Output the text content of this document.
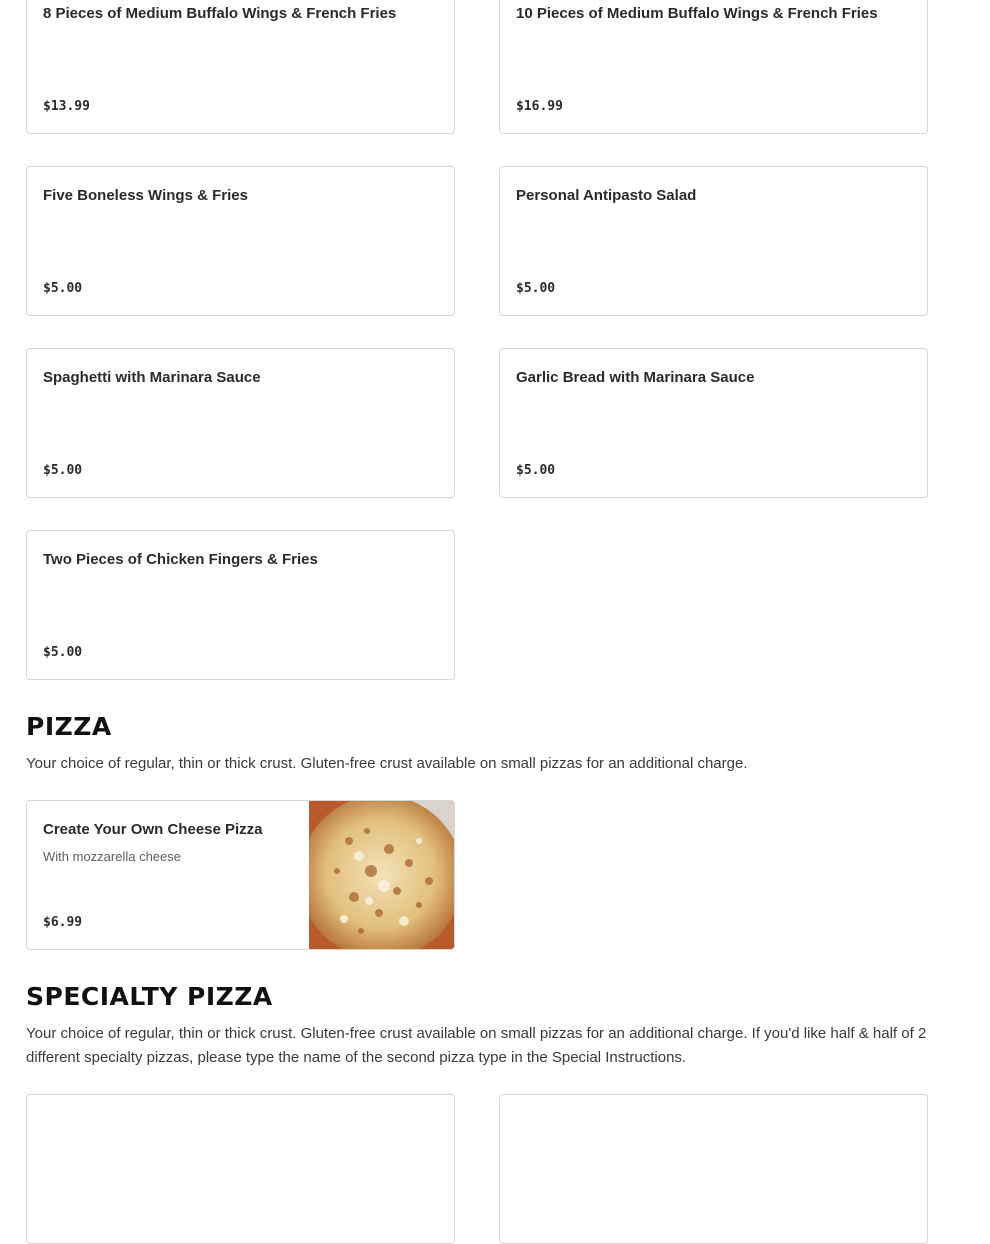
8 Pieces of Medium Buffalo Wings & French Fries
$13.99
10 Pieces of Medium Buffalo Wings & French Fries
$16.99
Five Boneless Wings & Fries
$5.00
Personal Antipasto Salad
$5.00
Spaghetti with Marinara Sauce
$5.00
Garlic Bread with Marinara Sauce
$5.00
Two Pieces of Chicken Fingers & Fries
$5.00
PIZZA

Your choice of regular, thin or thick crust. Gluten-free crust available on small pizzas for an additional charge.

Create Your Own Cheese Pizza
With mozzarella cheese
$6.99
SPECIALTY PIZZA

Your choice of regular, thin or thick crust. Gluten-free crust available on small pizzas for an additional charge. If you'd like half & half of 2 different specialty pizzas, please type the name of the second pizza type in the Special Instructions.
